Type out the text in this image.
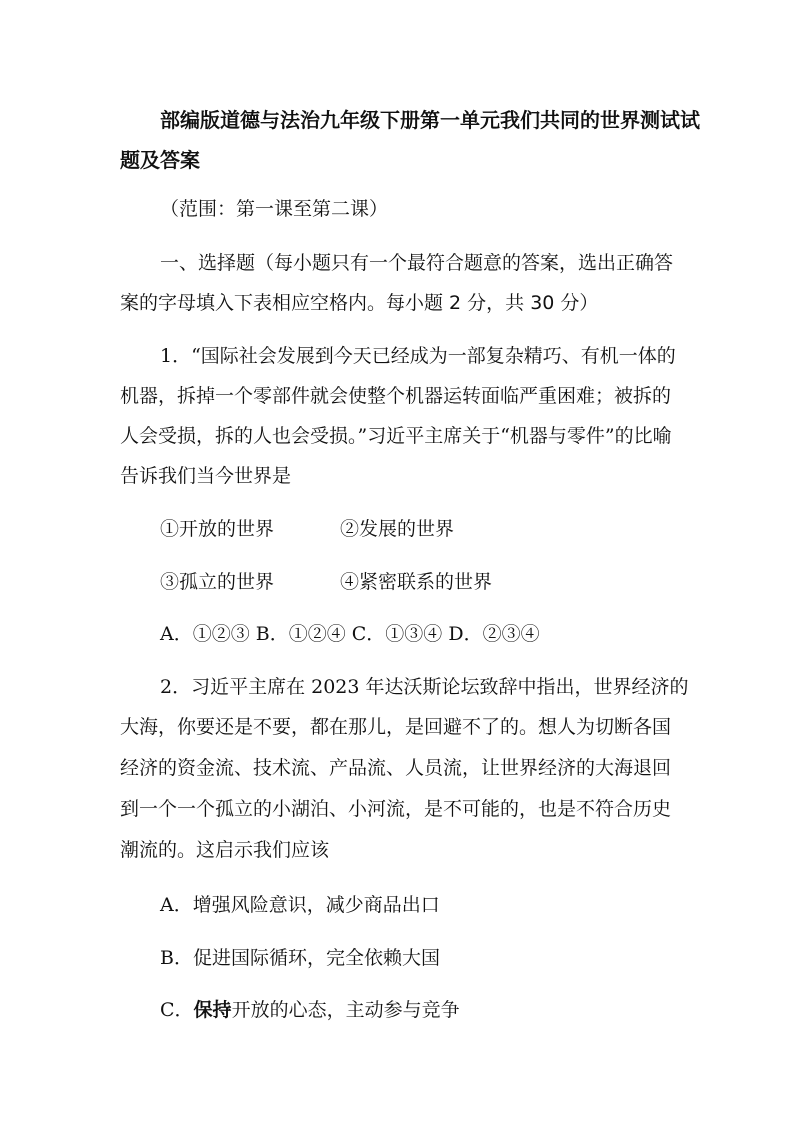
部编版道德与法治九年级下册第一单元我们共同的世界测试试
题及答案
（范围：第一课至第二课）
一、选择题（每小题只有一个最符合题意的答案，选出正确答
案的字母填入下表相应空格内。每小题 2 分，共 30 分）
1．“国际社会发展到今天已经成为一部复杂精巧、有机一体的
机器，拆掉一个零部件就会使整个机器运转面临严重困难；被拆的
人会受损，拆的人也会受损。”习近平主席关于“机器与零件”的比喻
告诉我们当今世界是
①开放的世界	②发展的世界
③孤立的世界	④紧密联系的世界
A．①②③ B．①②④ C．①③④ D．②③④
2．习近平主席在 2023 年达沃斯论坛致辞中指出，世界经济的
大海，你要还是不要，都在那儿，是回避不了的。想人为切断各国
经济的资金流、技术流、产品流、人员流，让世界经济的大海退回
到一个一个孤立的小湖泊、小河流，是不可能的，也是不符合历史
潮流的。这启示我们应该
A．增强风险意识，减少商品出口
B．促进国际循环，完全依赖大国
C．保持开放的心态，主动参与竞争
